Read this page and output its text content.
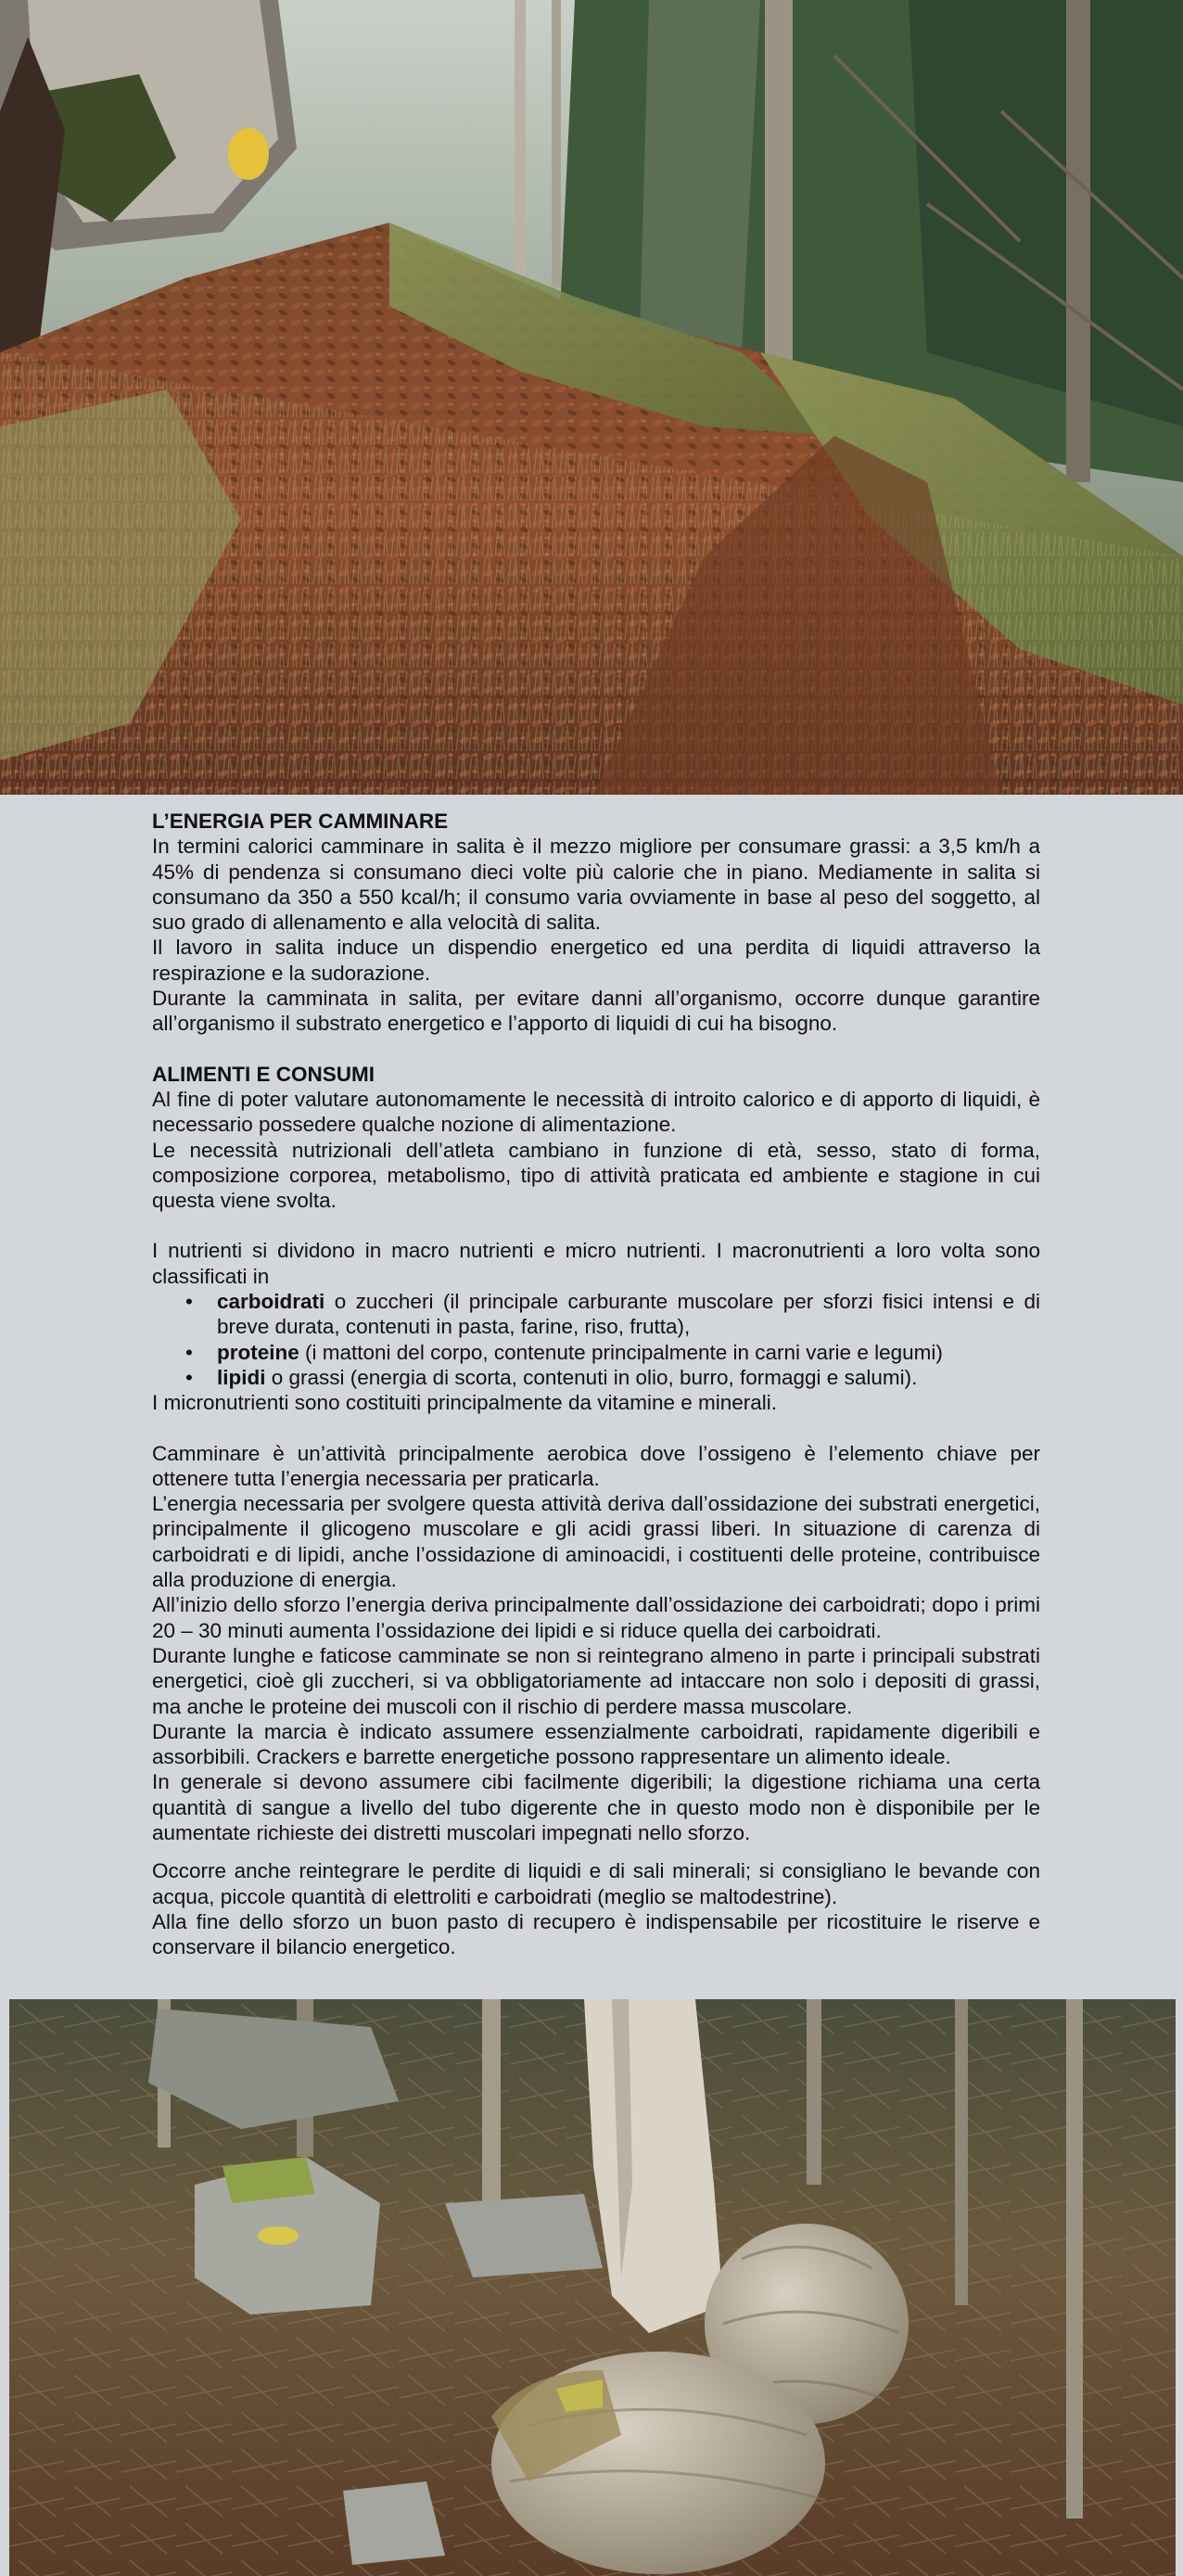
L’ENERGIA PER CAMMINARE

In termini calorici camminare in salita è il mezzo migliore per consumare grassi: a 3,5 km/h a 45% di pendenza si consumano dieci volte più calorie che in piano. Mediamente in salita si consumano da 350 a 550 kcal/h; il consumo varia ovviamente in base al peso del soggetto, al suo grado di allenamento e alla velocità di salita.

Il lavoro in salita induce un dispendio energetico ed una perdita di liquidi attraverso la respirazione e la sudorazione.

Durante la camminata in salita, per evitare danni all’organismo, occorre dunque garantire all’organismo il substrato energetico e l’apporto di liquidi di cui ha bisogno.

ALIMENTI E CONSUMI

Al fine di poter valutare autonomamente le necessità di introito calorico e di apporto di liquidi, è necessario possedere qualche nozione di alimentazione.

Le necessità nutrizionali dell’atleta cambiano in funzione di età, sesso, stato di forma, composizione corporea, metabolismo, tipo di attività praticata ed ambiente e stagione in cui questa viene svolta.

I nutrienti si dividono in macro nutrienti e micro nutrienti. I macronutrienti a loro volta sono classificati in

• carboidrati o zuccheri (il principale carburante muscolare per sforzi fisici intensi e di breve durata, contenuti in pasta, farine, riso, frutta),
• proteine (i mattoni del corpo, contenute principalmente in carni varie e legumi)
• lipidi o grassi (energia di scorta, contenuti in olio, burro, formaggi e salumi).

I micronutrienti sono costituiti principalmente da vitamine e minerali.

Camminare è un’attività principalmente aerobica dove l’ossigeno è l’elemento chiave per ottenere tutta l’energia necessaria per praticarla.

L’energia necessaria per svolgere questa attività deriva dall’ossidazione dei substrati energetici, principalmente il glicogeno muscolare e gli acidi grassi liberi. In situazione di carenza di carboidrati e di lipidi, anche l’ossidazione di aminoacidi, i costituenti delle proteine, contribuisce alla produzione di energia.

All’inizio dello sforzo l’energia deriva principalmente dall’ossidazione dei carboidrati; dopo i primi 20 – 30 minuti aumenta l’ossidazione dei lipidi e si riduce quella dei carboidrati.

Durante lunghe e faticose camminate se non si reintegrano almeno in parte i principali substrati energetici, cioè gli zuccheri, si va obbligatoriamente ad intaccare non solo i depositi di grassi, ma anche le proteine dei muscoli con il rischio di perdere massa muscolare.

Durante la marcia è indicato assumere essenzialmente carboidrati, rapidamente digeribili e assorbibili. Crackers e barrette energetiche possono rappresentare un alimento ideale.

In generale si devono assumere cibi facilmente digeribili; la digestione richiama una certa quantità di sangue a livello del tubo digerente che in questo modo non è disponibile per le aumentate richieste dei distretti muscolari impegnati nello sforzo.

Occorre anche reintegrare le perdite di liquidi e di sali minerali; si consigliano le bevande con acqua, piccole quantità di elettroliti e carboidrati (meglio se maltodestrine).

Alla fine dello sforzo un buon pasto di recupero è indispensabile per ricostituire le riserve e conservare il bilancio energetico.
